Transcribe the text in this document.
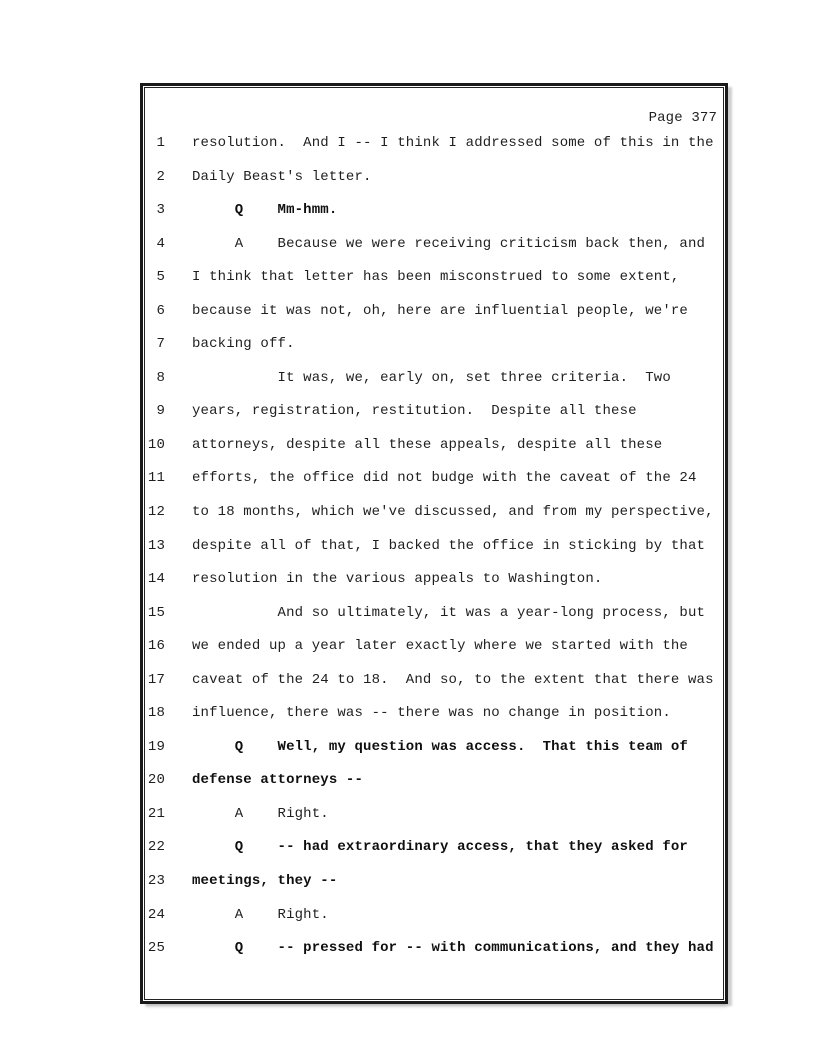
Page 377
1 resolution.  And I -- I think I addressed some of this in the
2 Daily Beast's letter.
3 Q    Mm-hmm.
4 A    Because we were receiving criticism back then, and
5 I think that letter has been misconstrued to some extent,
6 because it was not, oh, here are influential people, we're
7 backing off.
8 It was, we, early on, set three criteria.  Two
9 years, registration, restitution.  Despite all these
10 attorneys, despite all these appeals, despite all these
11 efforts, the office did not budge with the caveat of the 24
12 to 18 months, which we've discussed, and from my perspective,
13 despite all of that, I backed the office in sticking by that
14 resolution in the various appeals to Washington.
15 And so ultimately, it was a year-long process, but
16 we ended up a year later exactly where we started with the
17 caveat of the 24 to 18.  And so, to the extent that there was
18 influence, there was -- there was no change in position.
19 Q    Well, my question was access.  That this team of
20 defense attorneys --
21 A    Right.
22 Q    -- had extraordinary access, that they asked for
23 meetings, they --
24 A    Right.
25 Q    -- pressed for -- with communications, and they had
